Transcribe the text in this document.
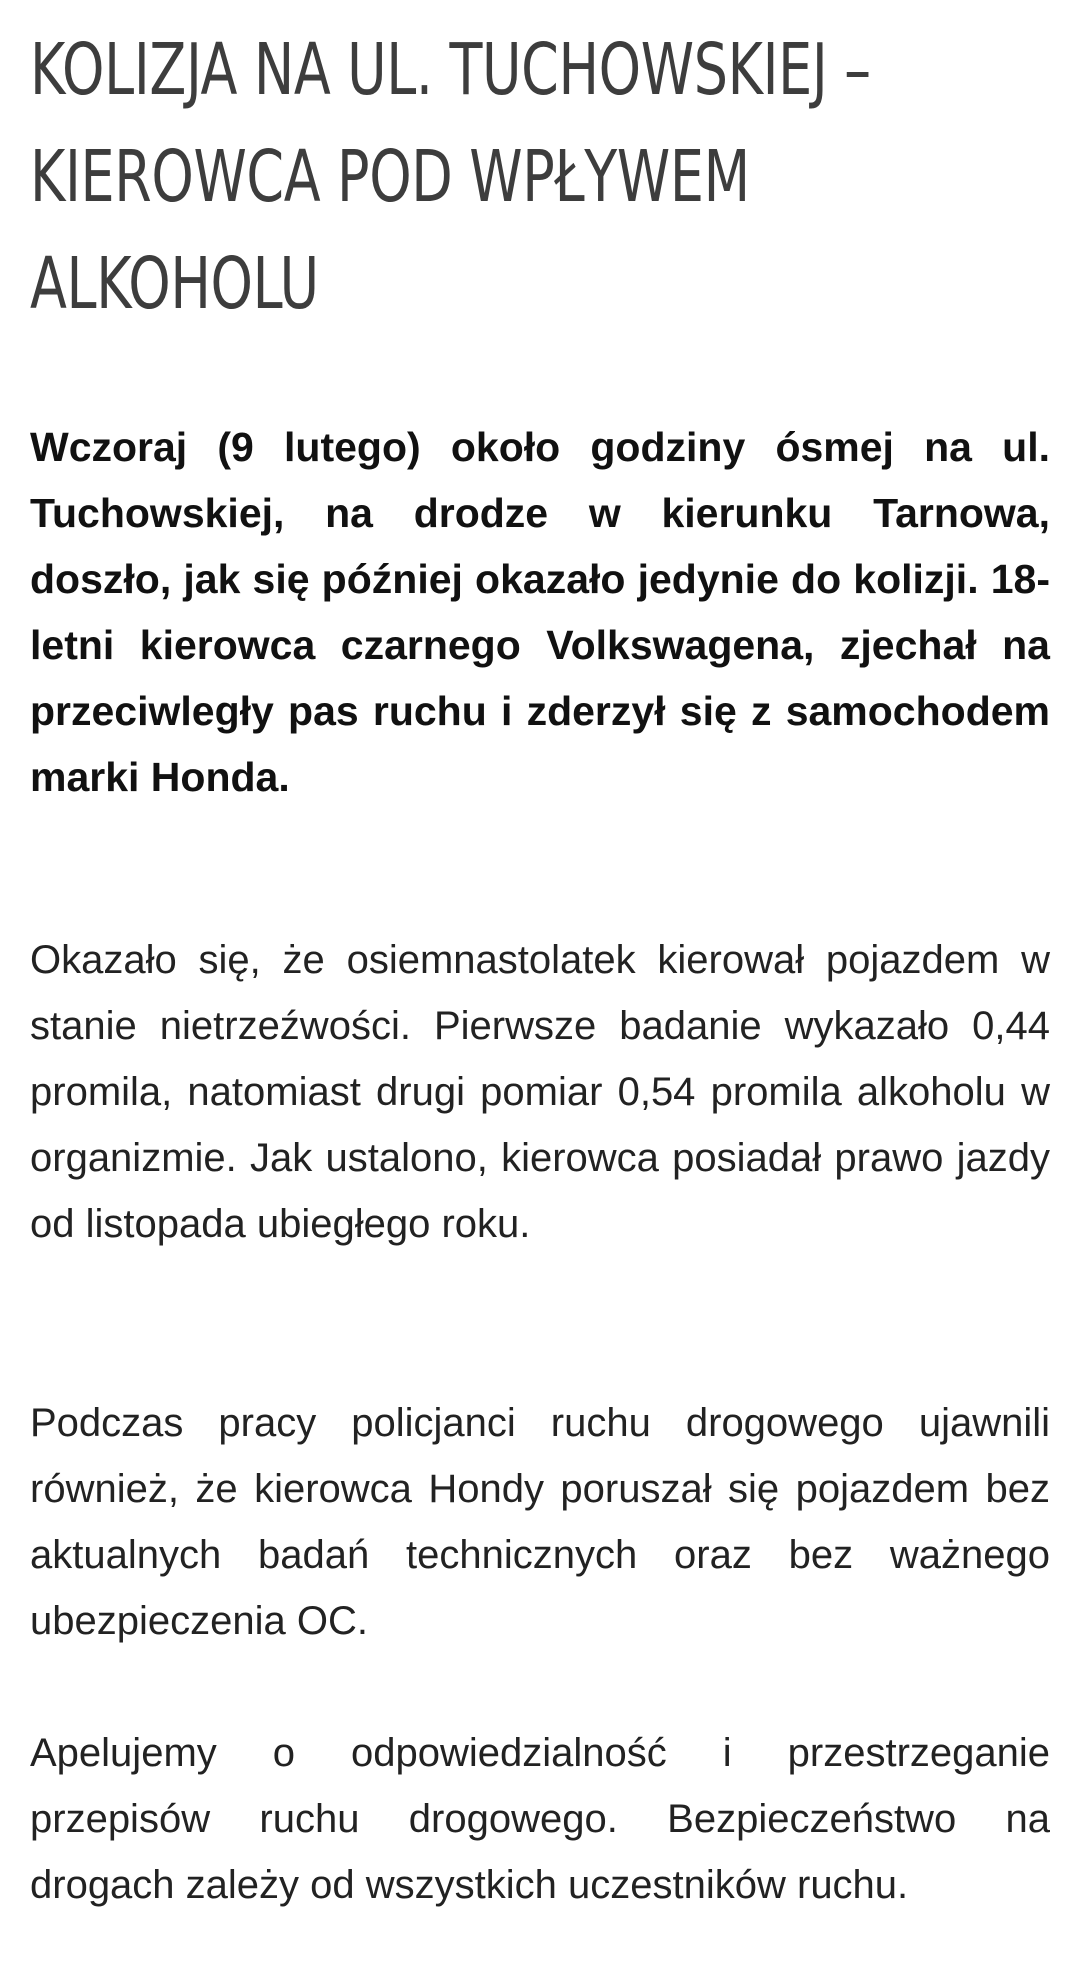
KOLIZJA NA UL. TUCHOWSKIEJ – KIEROWCA POD WPŁYWEM ALKOHOLU

Wczoraj (9 lutego) około godziny ósmej na ul. Tuchowskiej, na drodze w kierunku Tarnowa, doszło, jak się później okazało jedynie do kolizji. 18-letni kierowca czarnego Volkswagena, zjechał na przeciwległy pas ruchu i zderzył się z samochodem marki Honda.

Okazało się, że osiemnastolatek kierował pojazdem w stanie nietrzeźwości. Pierwsze badanie wykazało 0,44 promila, natomiast drugi pomiar 0,54 promila alkoholu w organizmie. Jak ustalono, kierowca posiadał prawo jazdy od listopada ubiegłego roku.

Podczas pracy policjanci ruchu drogowego ujawnili również, że kierowca Hondy poruszał się pojazdem bez aktualnych badań technicznych oraz bez ważnego ubezpieczenia OC.

Apelujemy o odpowiedzialność i przestrzeganie przepisów ruchu drogowego. Bezpieczeństwo na drogach zależy od wszystkich uczestników ruchu.
